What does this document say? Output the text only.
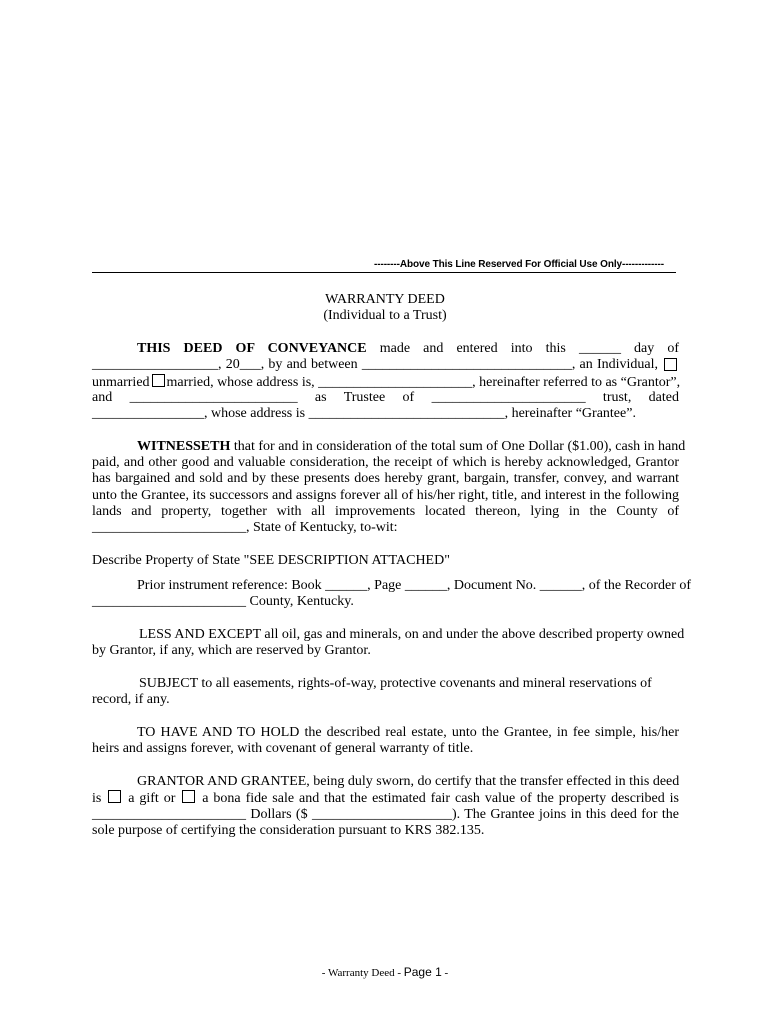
--------Above This Line Reserved For Official Use Only-------------
WARRANTY DEED
(Individual to a Trust)
THIS DEED OF CONVEYANCE made and entered into this ______ day of
__________________, 20___, by and between ______________________________, an Individual,
unmarried married, whose address is, ______________________, hereinafter referred to as “Grantor”,
and ________________________ as Trustee of ______________________ trust, dated
________________, whose address is ____________________________, hereinafter “Grantee”.
WITNESSETH that for and in consideration of the total sum of One Dollar ($1.00), cash in hand
paid, and other good and valuable consideration, the receipt of which is hereby acknowledged, Grantor
has bargained and sold and by these presents does hereby grant, bargain, transfer, convey, and warrant
unto the Grantee, its successors and assigns forever all of his/her right, title, and interest in the following
lands and property, together with all improvements located thereon, lying in the County of
______________________, State of Kentucky, to-wit:
Describe Property of State "SEE DESCRIPTION ATTACHED"
Prior instrument reference: Book ______, Page ______, Document No. ______, of the Recorder of
______________________ County, Kentucky.
LESS AND EXCEPT all oil, gas and minerals, on and under the above described property owned
by Grantor, if any, which are reserved by Grantor.
SUBJECT to all easements, rights-of-way, protective covenants and mineral reservations of
record, if any.
TO HAVE AND TO HOLD the described real estate, unto the Grantee, in fee simple, his/her
heirs and assigns forever, with covenant of general warranty of title.
GRANTOR AND GRANTEE, being duly sworn, do certify that the transfer effected in this deed
is a gift or a bona fide sale and that the estimated fair cash value of the property described is
______________________ Dollars ($ ____________________). The Grantee joins in this deed for the
sole purpose of certifying the consideration pursuant to KRS 382.135.
- Warranty Deed - Page 1 -
